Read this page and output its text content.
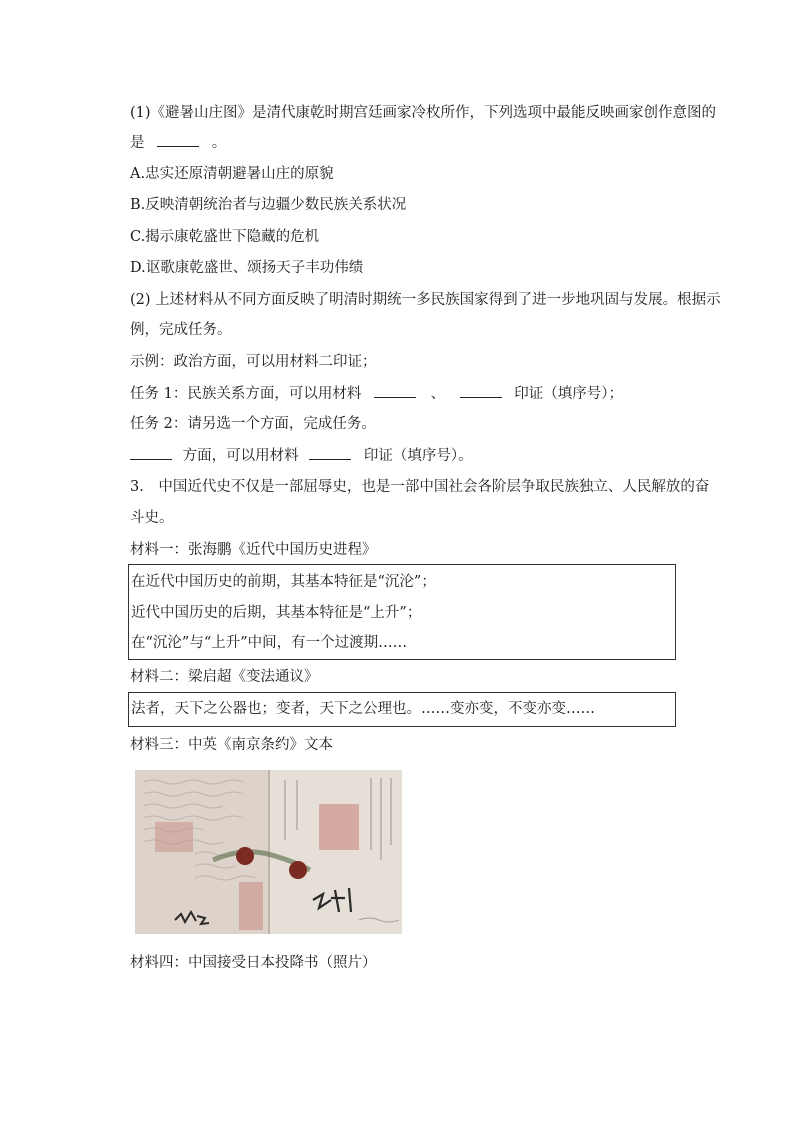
(1)《避暑山庄图》是清代康乾时期宫廷画家冷枚所作，下列选项中最能反映画家创作意图的
是	。
A.忠实还原清朝避暑山庄的原貌
B.反映清朝统治者与边疆少数民族关系状况
C.揭示康乾盛世下隐藏的危机
D.讴歌康乾盛世、颂扬天子丰功伟绩
(2) 上述材料从不同方面反映了明清时期统一多民族国家得到了进一步地巩固与发展。根据示
例，完成任务。
示例：政治方面，可以用材料二印证；
任务 1：民族关系方面，可以用材料	、	印证（填序号）；
任务 2：请另选一个方面，完成任务。
方面，可以用材料	印证（填序号）。
3.　中国近代史不仅是一部屈辱史，也是一部中国社会各阶层争取民族独立、人民解放的奋
斗史。
材料一：张海鹏《近代中国历史进程》
在近代中国历史的前期，其基本特征是“沉沦”；
近代中国历史的后期，其基本特征是“上升”；
在“沉沦”与“上升”中间，有一个过渡期……
材料二：梁启超《变法通议》
法者，天下之公器也；变者，天下之公理也。……变亦变，不变亦变……
材料三：中英《南京条约》文本
材料四：中国接受日本投降书（照片）
